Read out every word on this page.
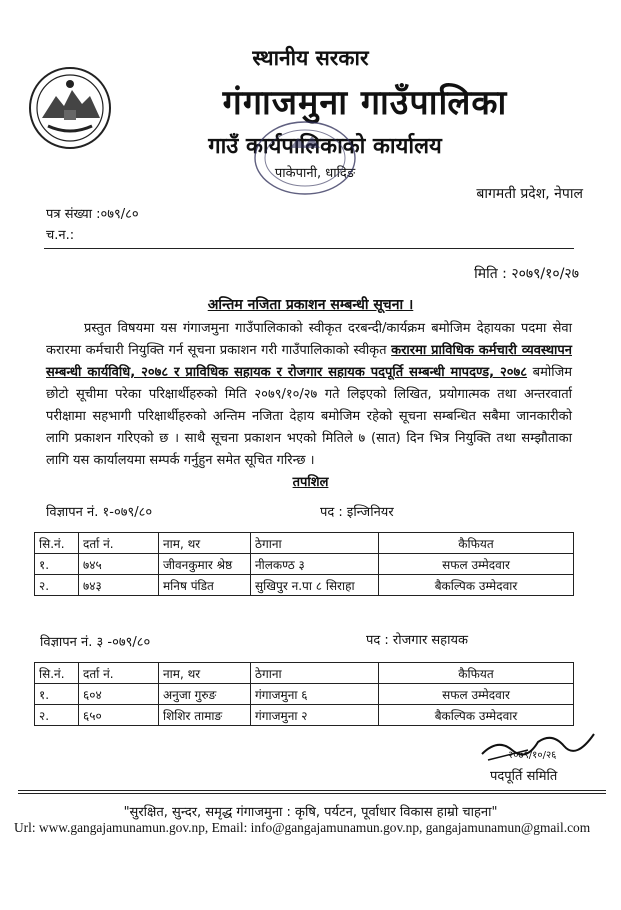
स्थानीय सरकार
गंगाजमुना गाउँपालिका
गाउँ कार्यपालिकाको कार्यालय
पाकेपानी, धादिङ
बागमती प्रदेश, नेपाल
पत्र संख्या :०७९/८०
च.न.:
मिति : २०७९/१०/२७
अन्तिम नजिता प्रकाशन सम्बन्धी सूचना ।
प्रस्तुत विषयमा यस गंगाजमुना गाउँपालिकाको स्वीकृत दरबन्दी/कार्यक्रम बमोजिम देहायका पदमा सेवा करारमा कर्मचारी नियुक्ति गर्न सूचना प्रकाशन गरी गाउँपालिकाको स्वीकृत करारमा प्राविधिक कर्मचारी व्यवस्थापन सम्बन्धी कार्यविधि, २०७८ र प्राविधिक सहायक र रोजगार सहायक पदपूर्ति सम्बन्धी मापदण्ड, २०७८ बमोजिम छोटो सूचीमा परेका परिक्षार्थीहरुको मिति २०७९/१०/२७ गते लिइएको लिखित, प्रयोगात्मक तथा अन्तरवार्ता परीक्षामा सहभागी परिक्षार्थीहरुको अन्तिम नजिता देहाय बमोजिम रहेको सूचना सम्बन्धित सबैमा जानकारीको लागि प्रकाशन गरिएको छ । साथै सूचना प्रकाशन भएको मितिले ७ (सात) दिन भित्र नियुक्ति तथा सम्झौताका लागि यस कार्यालयमा सम्पर्क गर्नुहुन समेत सूचित गरिन्छ ।
तपशिल
विज्ञापन नं. १-०७९/८०	पद : इन्जिनियर
सि.नं.	दर्ता नं.	नाम, थर	ठेगाना	कैफियत
१.	७४५	जीवनकुमार श्रेष्ठ	नीलकण्ठ ३	सफल उम्मेदवार
२.	७४३	मनिष पंडित	सुखिपुर न.पा ८ सिराहा	बैकल्पिक उम्मेदवार
विज्ञापन नं. ३ -०७९/८०	पद : रोजगार सहायक
सि.नं.	दर्ता नं.	नाम, थर	ठेगाना	कैफियत
१.	६०४	अनुजा गुरुङ	गंगाजमुना ६	सफल उम्मेदवार
२.	६५०	शिशिर तामाङ	गंगाजमुना २	बैकल्पिक उम्मेदवार
२०७९/१०/२६
पदपूर्ति समिति
"सुरक्षित, सुन्दर, समृद्ध गंगाजमुना : कृषि, पर्यटन, पूर्वाधार विकास हाम्रो चाहना"
Url: www.gangajamunamun.gov.np, Email: info@gangajamunamun.gov.np, gangajamunamun@gmail.com
